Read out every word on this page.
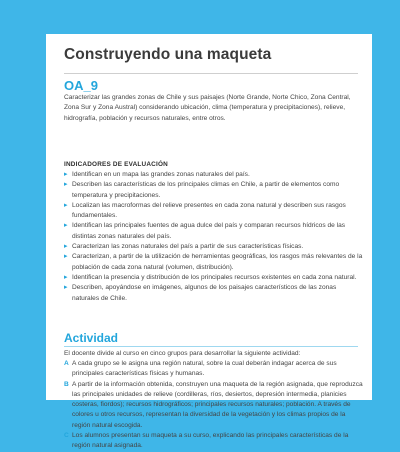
Construyendo una maqueta
OA_9
Caracterizar las grandes zonas de Chile y sus paisajes (Norte Grande, Norte Chico, Zona Central, Zona Sur y Zona Austral) considerando ubicación, clima (temperatura y precipitaciones), relieve, hidrografía, población y recursos naturales, entre otros.
INDICADORES DE EVALUACIÓN
▸ Identifican en un mapa las grandes zonas naturales del país.
▸ Describen las características de los principales climas en Chile, a partir de elementos como temperatura y precipitaciones.
▸ Localizan las macroformas del relieve presentes en cada zona natural y describen sus rasgos fundamentales.
▸ Identifican las principales fuentes de agua dulce del país y comparan recursos hídricos de las distintas zonas naturales del país.
▸ Caracterizan las zonas naturales del país a partir de sus características físicas.
▸ Caracterizan, a partir de la utilización de herramientas geográficas, los rasgos más relevantes de la población de cada zona natural (volumen, distribución).
▸ Identifican la presencia y distribución de los principales recursos existentes en cada zona natural.
▸ Describen, apoyándose en imágenes, algunos de los paisajes característicos de las zonas naturales de Chile.
Actividad
El docente divide al curso en cinco grupos para desarrollar la siguiente actividad:
A A cada grupo se le asigna una región natural, sobre la cual deberán indagar acerca de sus principales características físicas y humanas.
B A partir de la información obtenida, construyen una maqueta de la región asignada, que reproduzca las principales unidades de relieve (cordilleras, ríos, desiertos, depresión intermedia, planicies costeras, fiordos); recursos hidrográficos; principales recursos naturales; población. A través de colores u otros recursos, representan la diversidad de la vegetación y los climas propios de la región natural escogida.
C Los alumnos presentan su maqueta a su curso, explicando las principales características de la región natural asignada.
